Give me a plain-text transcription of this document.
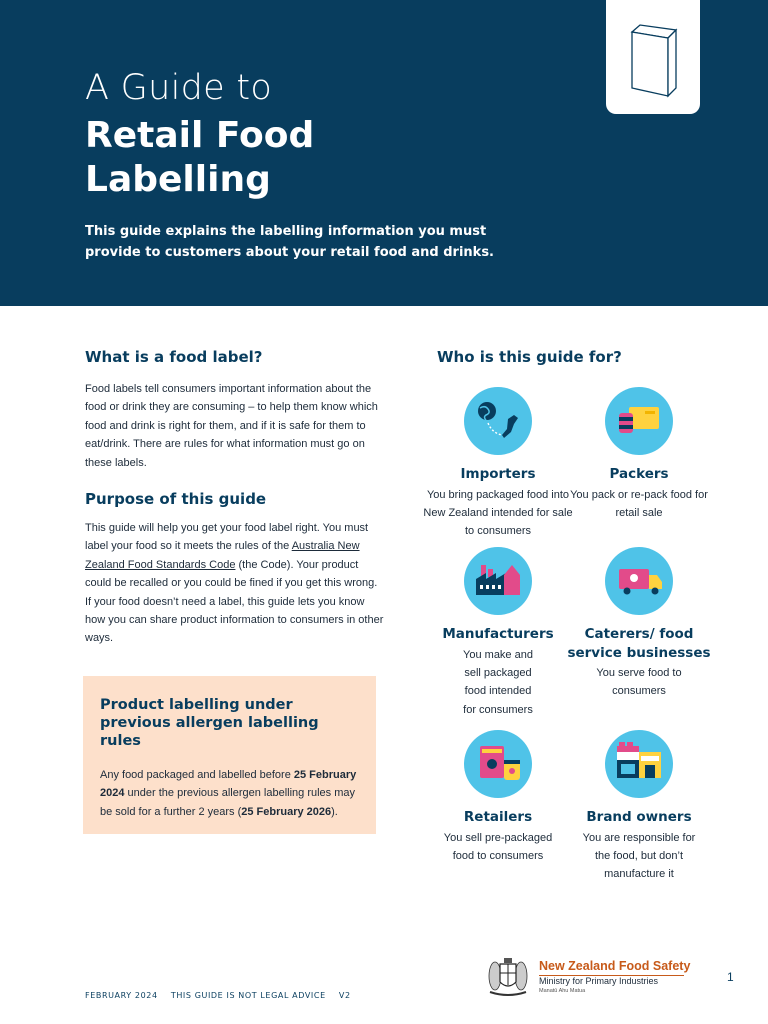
A Guide to
Retail Food
Labelling
This guide explains the labelling information you must provide to customers about your retail food and drinks.
What is a food label?
Food labels tell consumers important information about the food or drink they are consuming – to help them know which food and drink is right for them, and if it is safe for them to eat/drink. There are rules for what information must go on these labels.
Purpose of this guide
This guide will help you get your food label right. You must label your food so it meets the rules of the Australia New Zealand Food Standards Code (the Code). Your product could be recalled or you could be fined if you get this wrong. If your food doesn’t need a label, this guide lets you know how you can share product information to consumers in other ways.
Product labelling under previous allergen labelling rules
Any food packaged and labelled before 25 February 2024 under the previous allergen labelling rules may be sold for a further 2 years (25 February 2026).
Who is this guide for?
Importers
You bring packaged food into New Zealand intended for sale to consumers
Packers
You pack or re-pack food for retail sale
Manufacturers
You make and sell packaged food intended for consumers
Caterers/ food service businesses
You serve food to consumers
Retailers
You sell pre-packaged food to consumers
Brand owners
You are responsible for the food, but don’t manufacture it
FEBRUARY 2024 THIS GUIDE IS NOT LEGAL ADVICE V2
New Zealand Food Safety
Ministry for Primary Industries
Manatū Ahu Matua
1
